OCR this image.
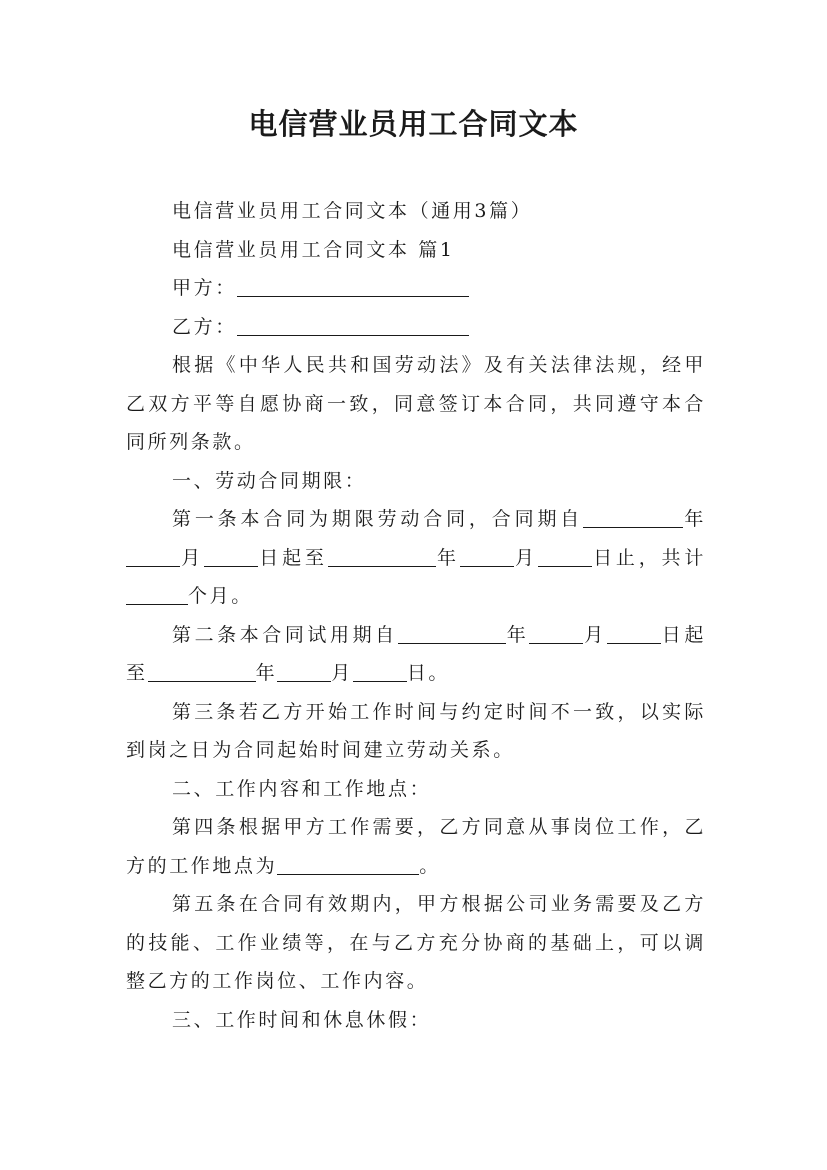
电信营业员用工合同文本

电信营业员用工合同文本（通用3篇）

电信营业员用工合同文本 篇1

甲方：

乙方：

根据《中华人民共和国劳动法》及有关法律法规，经甲乙双方平等自愿协商一致，同意签订本合同，共同遵守本合同所列条款。

一、劳动合同期限：

第一条本合同为期限劳动合同，合同期自	年月	日起至	年	月	日止，共计个月。

第二条本合同试用期自	年	月	日起至	年	月	日。

第三条若乙方开始工作时间与约定时间不一致，以实际到岗之日为合同起始时间建立劳动关系。

二、工作内容和工作地点：

第四条根据甲方工作需要，乙方同意从事岗位工作，乙方的工作地点为	。

第五条在合同有效期内，甲方根据公司业务需要及乙方的技能、工作业绩等，在与乙方充分协商的基础上，可以调整乙方的工作岗位、工作内容。

三、工作时间和休息休假：
